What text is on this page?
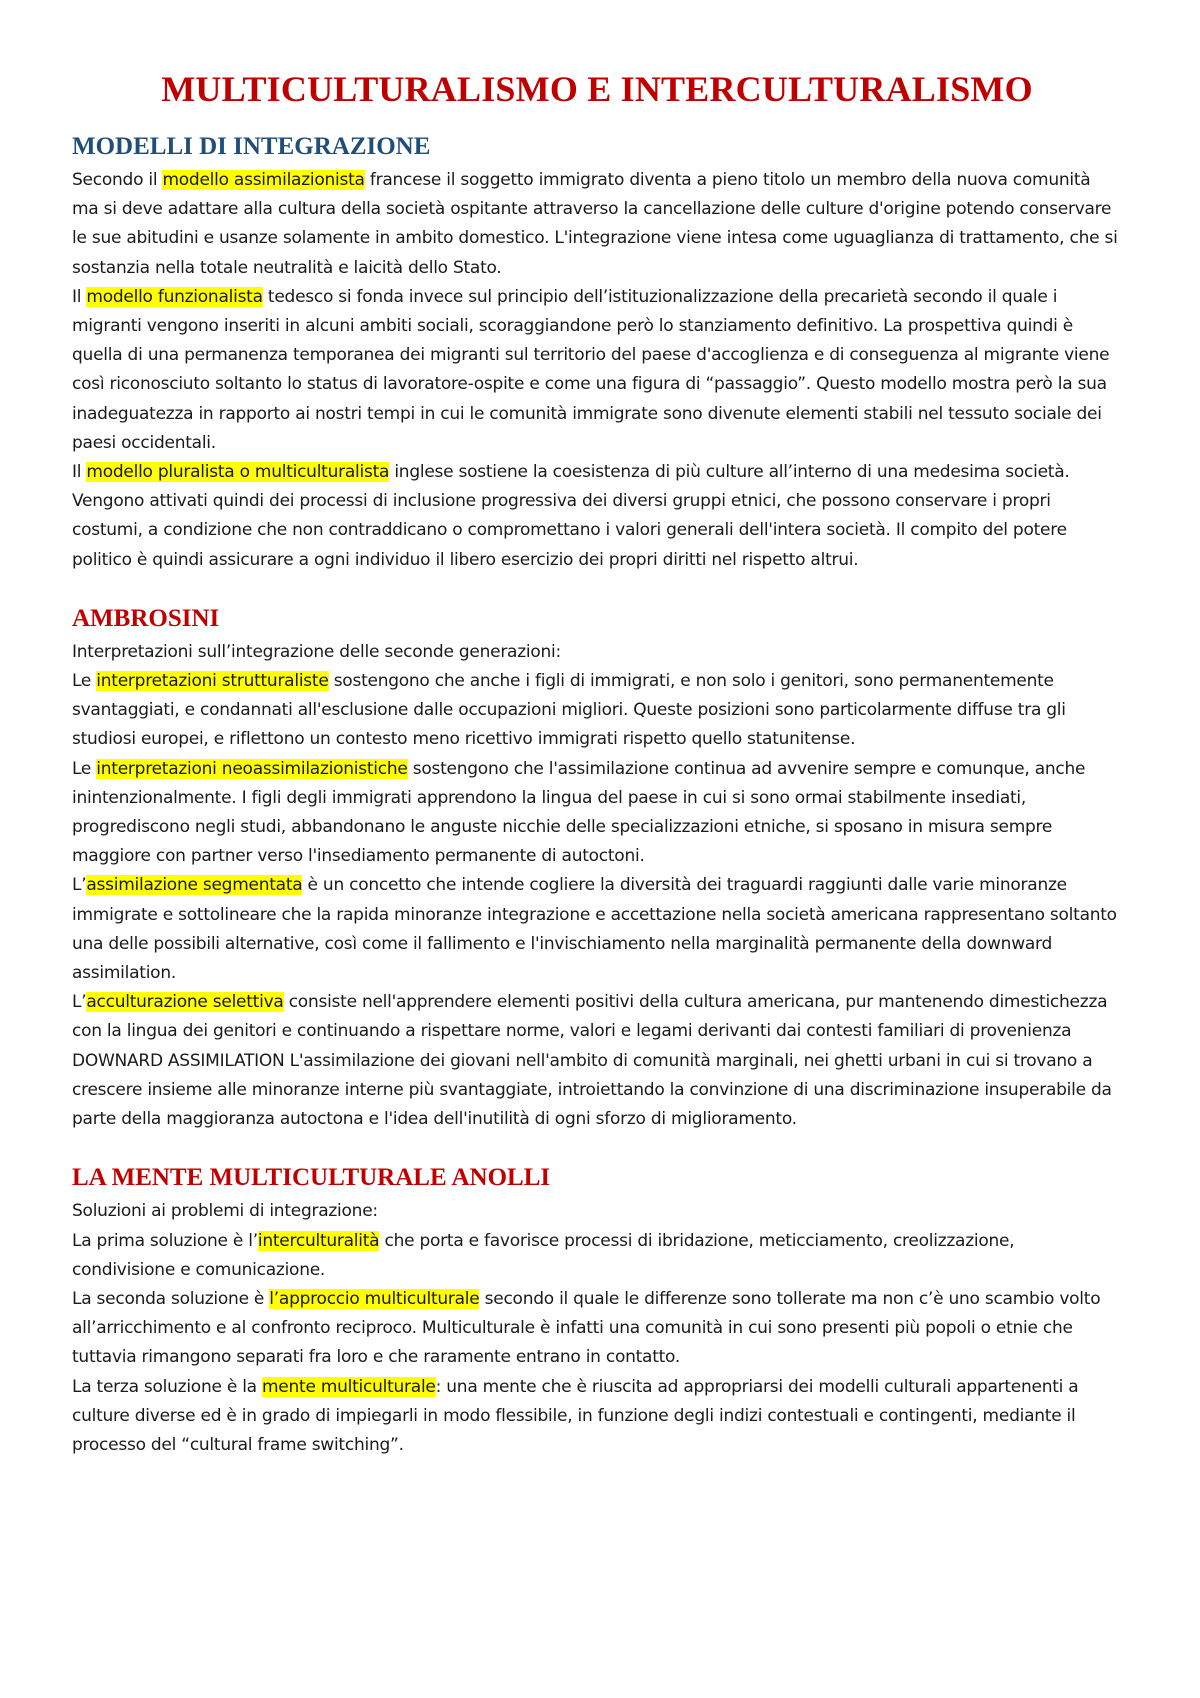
MULTICULTURALISMO E INTERCULTURALISMO
MODELLI DI INTEGRAZIONE

Secondo il modello assimilazionista francese il soggetto immigrato diventa a pieno titolo un membro della nuova comunità ma si deve adattare alla cultura della società ospitante attraverso la cancellazione delle culture d'origine potendo conservare le sue abitudini e usanze solamente in ambito domestico. L'integrazione viene intesa come uguaglianza di trattamento, che si sostanzia nella totale neutralità e laicità dello Stato.

Il modello funzionalista tedesco si fonda invece sul principio dell’istituzionalizzazione della precarietà secondo il quale i migranti vengono inseriti in alcuni ambiti sociali, scoraggiandone però lo stanziamento definitivo. La prospettiva quindi è quella di una permanenza temporanea dei migranti sul territorio del paese d'accoglienza e di conseguenza al migrante viene così riconosciuto soltanto lo status di lavoratore-ospite e come una figura di “passaggio”. Questo modello mostra però la sua inadeguatezza in rapporto ai nostri tempi in cui le comunità immigrate sono divenute elementi stabili nel tessuto sociale dei paesi occidentali.

Il modello pluralista o multiculturalista inglese sostiene la coesistenza di più culture all’interno di una medesima società. Vengono attivati quindi dei processi di inclusione progressiva dei diversi gruppi etnici, che possono conservare i propri costumi, a condizione che non contraddicano o compromettano i valori generali dell'intera società. Il compito del potere politico è quindi assicurare a ogni individuo il libero esercizio dei propri diritti nel rispetto altrui.

AMBROSINI

Interpretazioni sull’integrazione delle seconde generazioni:

Le interpretazioni strutturaliste sostengono che anche i figli di immigrati, e non solo i genitori, sono permanentemente svantaggiati, e condannati all'esclusione dalle occupazioni migliori. Queste posizioni sono particolarmente diffuse tra gli studiosi europei, e riflettono un contesto meno ricettivo immigrati rispetto quello statunitense.

Le interpretazioni neoassimilazionistiche sostengono che l'assimilazione continua ad avvenire sempre e comunque, anche inintenzionalmente. I figli degli immigrati apprendono la lingua del paese in cui si sono ormai stabilmente insediati, progrediscono negli studi, abbandonano le anguste nicchie delle specializzazioni etniche, si sposano in misura sempre maggiore con partner verso l'insediamento permanente di autoctoni.

L’assimilazione segmentata è un concetto che intende cogliere la diversità dei traguardi raggiunti dalle varie minoranze immigrate e sottolineare che la rapida minoranze integrazione e accettazione nella società americana rappresentano soltanto una delle possibili alternative, così come il fallimento e l'invischiamento nella marginalità permanente della downward assimilation.

L’acculturazione selettiva consiste nell'apprendere elementi positivi della cultura americana, pur mantenendo dimestichezza con la lingua dei genitori e continuando a rispettare norme, valori e legami derivanti dai contesti familiari di provenienza

DOWNARD ASSIMILATION L'assimilazione dei giovani nell'ambito di comunità marginali, nei ghetti urbani in cui si trovano a crescere insieme alle minoranze interne più svantaggiate, introiettando la convinzione di una discriminazione insuperabile da parte della maggioranza autoctona e l'idea dell'inutilità di ogni sforzo di miglioramento.

LA MENTE MULTICULTURALE ANOLLI

Soluzioni ai problemi di integrazione:

La prima soluzione è l’interculturalità che porta e favorisce processi di ibridazione, meticciamento, creolizzazione, condivisione e comunicazione.

La seconda soluzione è l’approccio multiculturale secondo il quale le differenze sono tollerate ma non c’è uno scambio volto all’arricchimento e al confronto reciproco. Multiculturale è infatti una comunità in cui sono presenti più popoli o etnie che tuttavia rimangono separati fra loro e che raramente entrano in contatto.

La terza soluzione è la mente multiculturale: una mente che è riuscita ad appropriarsi dei modelli culturali appartenenti a culture diverse ed è in grado di impiegarli in modo flessibile, in funzione degli indizi contestuali e contingenti, mediante il processo del “cultural frame switching”.
